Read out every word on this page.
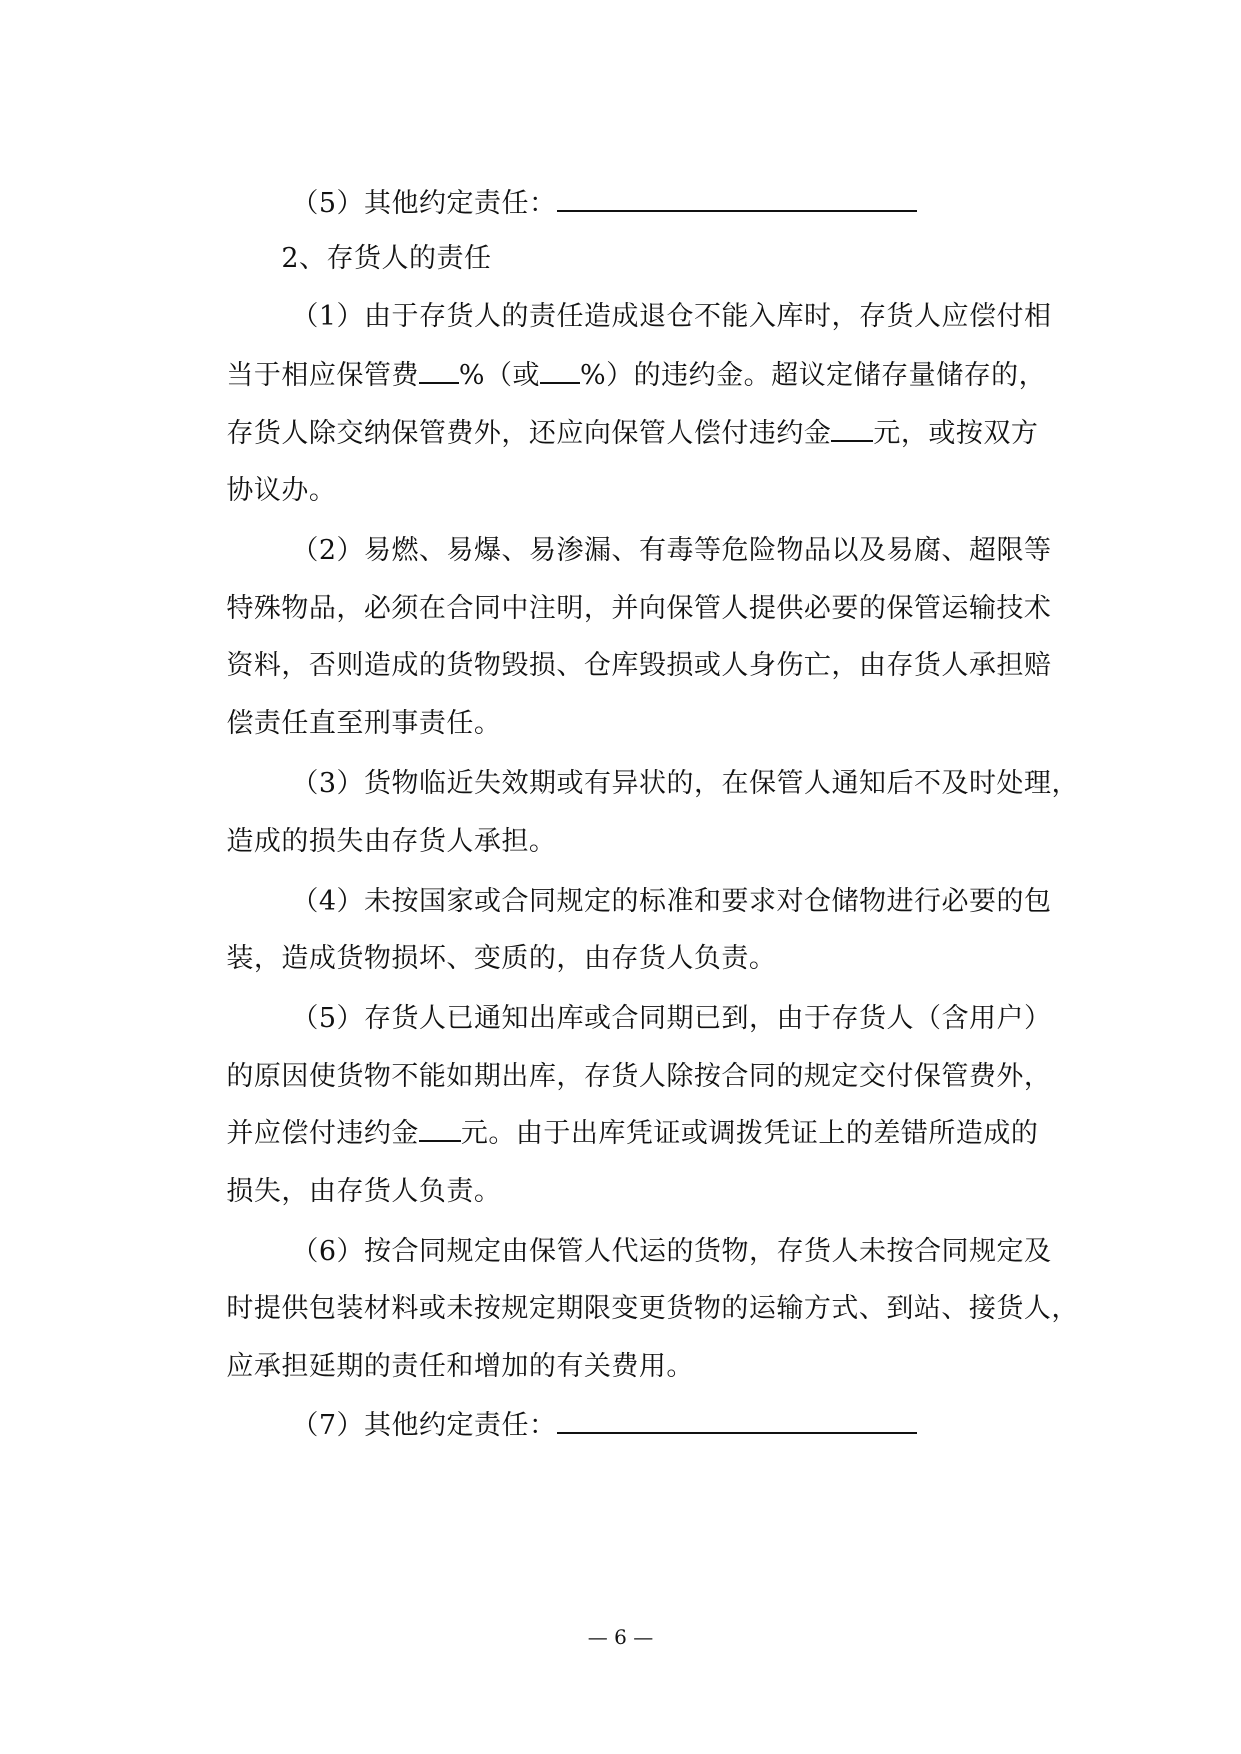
（5）其他约定责任：

2、存货人的责任

（1）由于存货人的责任造成退仓不能入库时，存货人应偿付相

当于相应保管费 %（或 %）的违约金。超议定储存量储存的，

存货人除交纳保管费外，还应向保管人偿付违约金 元，或按双方

协议办。

（2）易燃、易爆、易渗漏、有毒等危险物品以及易腐、超限等

特殊物品，必须在合同中注明，并向保管人提供必要的保管运输技术

资料，否则造成的货物毁损、仓库毁损或人身伤亡，由存货人承担赔

偿责任直至刑事责任。

（3）货物临近失效期或有异状的，在保管人通知后不及时处理，

造成的损失由存货人承担。

（4）未按国家或合同规定的标准和要求对仓储物进行必要的包

装，造成货物损坏、变质的，由存货人负责。

（5）存货人已通知出库或合同期已到，由于存货人（含用户）

的原因使货物不能如期出库，存货人除按合同的规定交付保管费外，

并应偿付违约金 元。由于出库凭证或调拨凭证上的差错所造成的

损失，由存货人负责。

（6）按合同规定由保管人代运的货物，存货人未按合同规定及

时提供包装材料或未按规定期限变更货物的运输方式、到站、接货人，

应承担延期的责任和增加的有关费用。

（7）其他约定责任：

— 6 —
